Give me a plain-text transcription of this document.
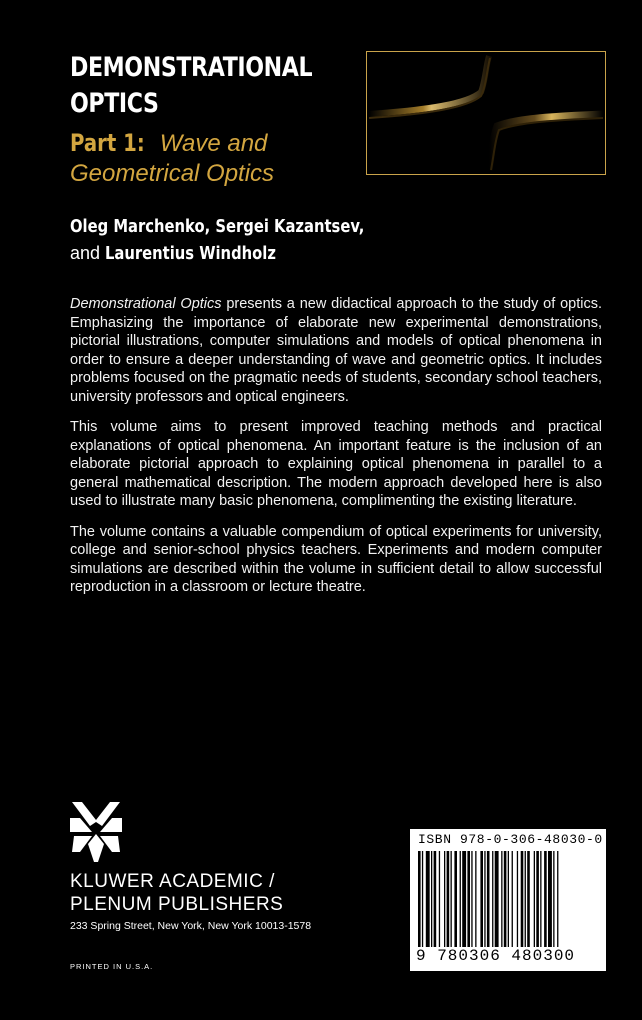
DEMONSTRATIONAL
OPTICS
Part 1: Wave and
Geometrical Optics
Oleg Marchenko, Sergei Kazantsev,
and Laurentius Windholz

Demonstrational Optics presents a new didactical approach to the study of optics. Emphasizing the importance of elaborate new experimental demonstrations, pictorial illustrations, computer simulations and models of optical phenomena in order to ensure a deeper understanding of wave and geometric optics. It includes problems focused on the pragmatic needs of students, secondary school teachers, university professors and optical engineers.

This volume aims to present improved teaching methods and practical explanations of optical phenomena. An important feature is the inclusion of an elaborate pictorial approach to explaining optical phenomena in parallel to a general mathematical description. The modern approach developed here is also used to illustrate many basic phenomena, complimenting the existing literature.

The volume contains a valuable compendium of optical experiments for university, college and senior-school physics teachers. Experiments and modern computer simulations are described within the volume in sufficient detail to allow successful reproduction in a classroom or lecture theatre.

KLUWER ACADEMIC /
PLENUM PUBLISHERS
233 Spring Street, New York, New York 10013-1578
PRINTED IN U.S.A.
ISBN 978-0-306-48030-0
9 780306 480300
